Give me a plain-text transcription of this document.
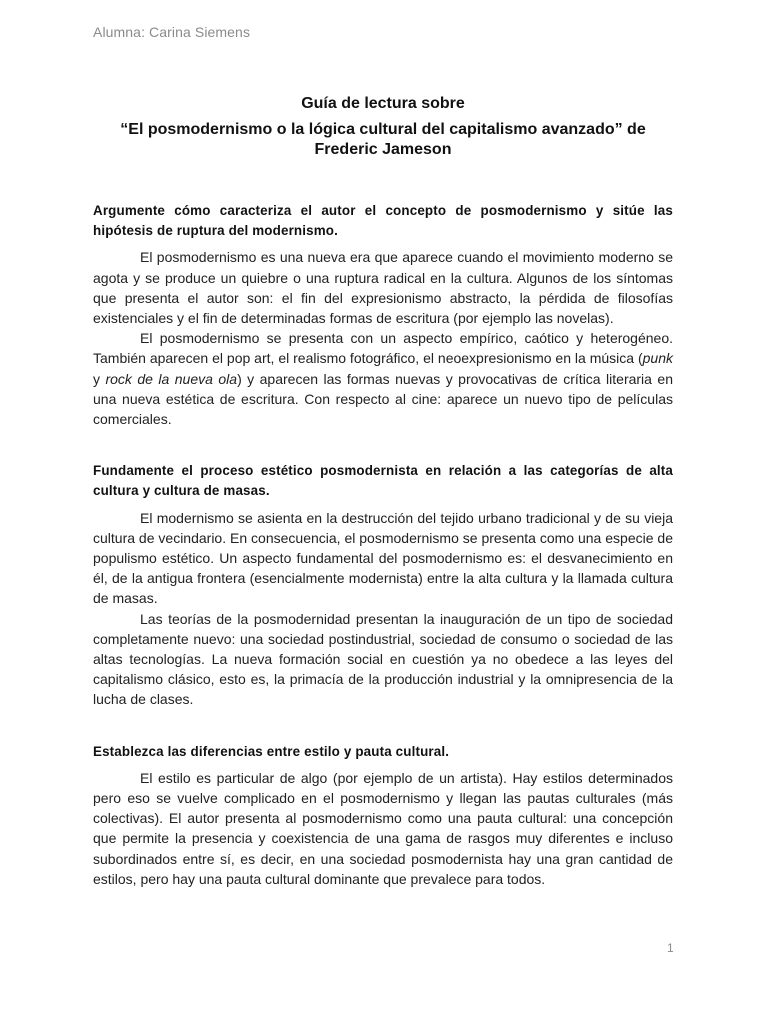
Alumna: Carina Siemens
Guía de lectura sobre
“El posmodernismo o la lógica cultural del capitalismo avanzado” de Frederic Jameson

Argumente cómo caracteriza el autor el concepto de posmodernismo y sitúe las hipótesis de ruptura del modernismo.

El posmodernismo es una nueva era que aparece cuando el movimiento moderno se agota y se produce un quiebre o una ruptura radical en la cultura. Algunos de los síntomas que presenta el autor son: el fin del expresionismo abstracto, la pérdida de filosofías existenciales y el fin de determinadas formas de escritura (por ejemplo las novelas).

El posmodernismo se presenta con un aspecto empírico, caótico y heterogéneo. También aparecen el pop art, el realismo fotográfico, el neoexpresionismo en la música (punk y rock de la nueva ola) y aparecen las formas nuevas y provocativas de crítica literaria en una nueva estética de escritura. Con respecto al cine: aparece un nuevo tipo de películas comerciales.

Fundamente el proceso estético posmodernista en relación a las categorías de alta cultura y cultura de masas.

El modernismo se asienta en la destrucción del tejido urbano tradicional y de su vieja cultura de vecindario. En consecuencia, el posmodernismo se presenta como una especie de populismo estético. Un aspecto fundamental del posmodernismo es: el desvanecimiento en él, de la antigua frontera (esencialmente modernista) entre la alta cultura y la llamada cultura de masas.

Las teorías de la posmodernidad presentan la inauguración de un tipo de sociedad completamente nuevo: una sociedad postindustrial, sociedad de consumo o sociedad de las altas tecnologías. La nueva formación social en cuestión ya no obedece a las leyes del capitalismo clásico, esto es, la primacía de la producción industrial y la omnipresencia de la lucha de clases.

Establezca las diferencias entre estilo y pauta cultural.

El estilo es particular de algo (por ejemplo de un artista). Hay estilos determinados pero eso se vuelve complicado en el posmodernismo y llegan las pautas culturales (más colectivas). El autor presenta al posmodernismo como una pauta cultural: una concepción que permite la presencia y coexistencia de una gama de rasgos muy diferentes e incluso subordinados entre sí, es decir, en una sociedad posmodernista hay una gran cantidad de estilos, pero hay una pauta cultural dominante que prevalece para todos.

1
